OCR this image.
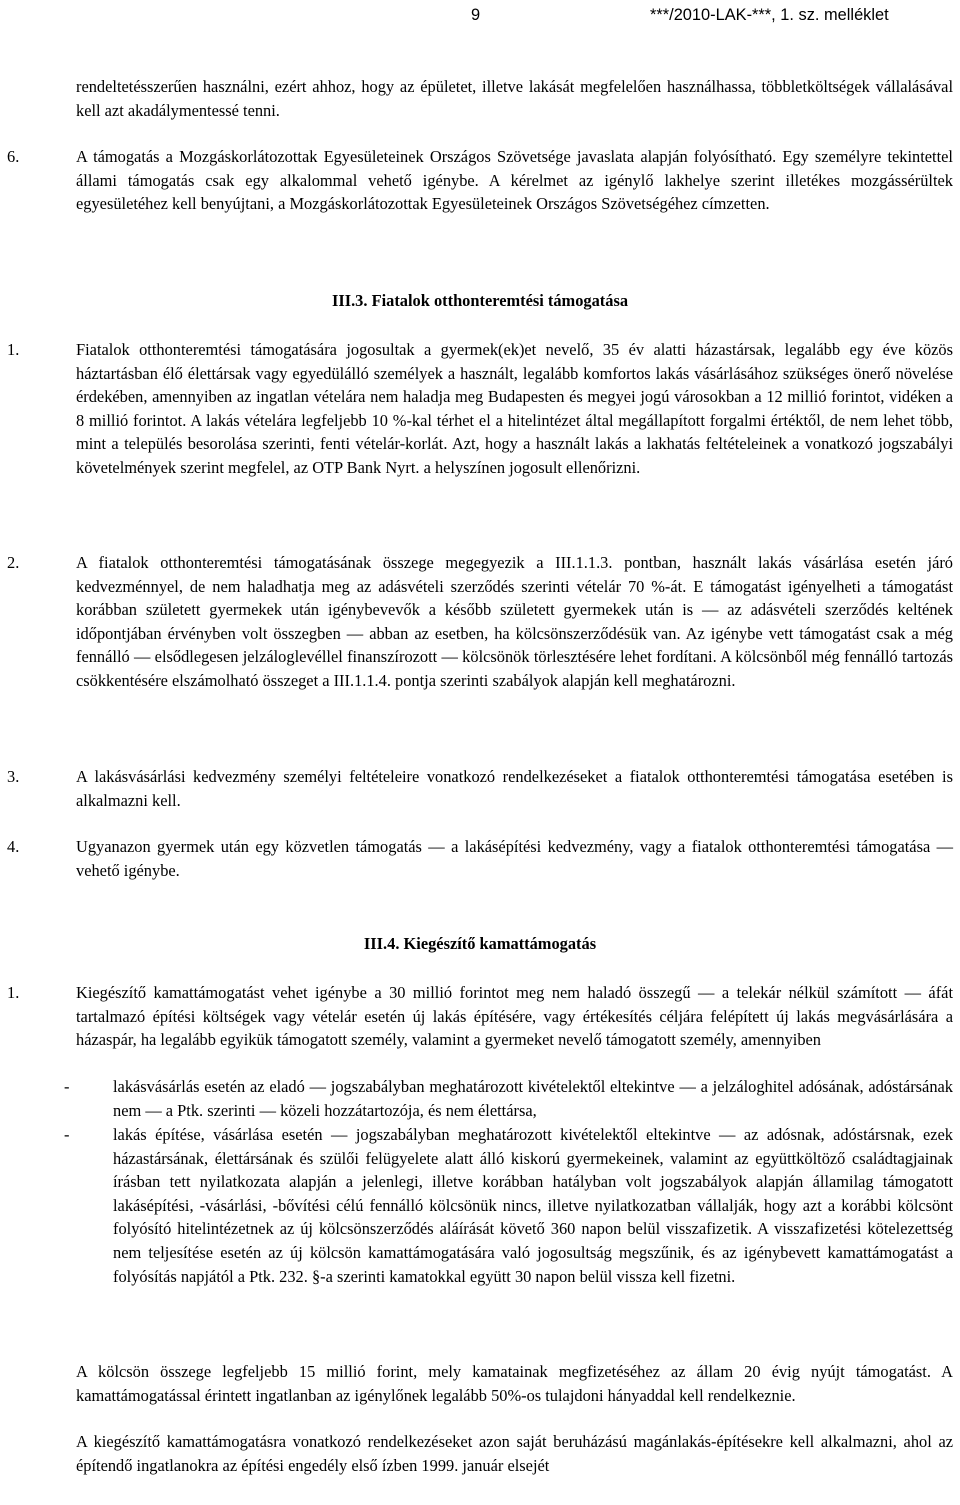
9	***/2010-LAK-***, 1. sz. melléklet
rendeltetésszerűen használni, ezért ahhoz, hogy az épületet, illetve lakását megfelelően használhassa, többletköltségek vállalásával kell azt akadálymentessé tenni.
6.	A támogatás a Mozgáskorlátozottak Egyesületeinek Országos Szövetsége javaslata alapján folyósítható. Egy személyre tekintettel állami támogatás csak egy alkalommal vehető igénybe. A kérelmet az igénylő lakhelye szerint illetékes mozgássérültek egyesületéhez kell benyújtani, a Mozgáskorlátozottak Egyesületeinek Országos Szövetségéhez címzetten.
III.3. Fiatalok otthonteremtési támogatása
1.	Fiatalok otthonteremtési támogatására jogosultak a gyermek(ek)et nevelő, 35 év alatti házastársak, legalább egy éve közös háztartásban élő élettársak vagy egyedülálló személyek a használt, legalább komfortos lakás vásárlásához szükséges önerő növelése érdekében, amennyiben az ingatlan vételára nem haladja meg Budapesten és megyei jogú városokban a 12 millió forintot, vidéken a 8 millió forintot. A lakás vételára legfeljebb 10 %-kal térhet el a hitelintézet által megállapított forgalmi értéktől, de nem lehet több, mint a település besorolása szerinti, fenti vételár-korlát. Azt, hogy a használt lakás a lakhatás feltételeinek a vonatkozó jogszabályi követelmények szerint megfelel, az OTP Bank Nyrt. a helyszínen jogosult ellenőrizni.
2.	A fiatalok otthonteremtési támogatásának összege megegyezik a III.1.1.3. pontban, használt lakás vásárlása esetén járó kedvezménnyel, de nem haladhatja meg az adásvételi szerződés szerinti vételár 70 %-át. E támogatást igényelheti a támogatást korábban született gyermekek után igénybevevők a később született gyermekek után is — az adásvételi szerződés keltének időpontjában érvényben volt összegben — abban az esetben, ha kölcsönszerződésük van. Az igénybe vett támogatást csak a még fennálló — elsődlegesen jelzáloglevéllel finanszírozott — kölcsönök törlesztésére lehet fordítani. A kölcsönből még fennálló tartozás csökkentésére elszámolható összeget a III.1.1.4. pontja szerinti szabályok alapján kell meghatározni.
3.	A lakásvásárlási kedvezmény személyi feltételeire vonatkozó rendelkezéseket a fiatalok otthonteremtési támogatása esetében is alkalmazni kell.
4.	Ugyanazon gyermek után egy közvetlen támogatás — a lakásépítési kedvezmény, vagy a fiatalok otthonteremtési támogatása — vehető igénybe.
III.4. Kiegészítő kamattámogatás
1.	Kiegészítő kamattámogatást vehet igénybe a 30 millió forintot meg nem haladó összegű — a telekár nélkül számított — áfát tartalmazó építési költségek vagy vételár esetén új lakás építésére, vagy értékesítés céljára felépített új lakás megvásárlására a házaspár, ha legalább egyikük támogatott személy, valamint a gyermeket nevelő támogatott személy, amennyiben
-	lakásvásárlás esetén az eladó — jogszabályban meghatározott kivételektől eltekintve — a jelzáloghitel adósának, adóstársának nem — a Ptk. szerinti — közeli hozzátartozója, és nem élettársa,
-	lakás építése, vásárlása esetén — jogszabályban meghatározott kivételektől eltekintve — az adósnak, adóstársnak, ezek házastársának, élettársának és szülői felügyelete alatt álló kiskorú gyermekeinek, valamint az együttköltöző családtagjainak írásban tett nyilatkozata alapján a jelenlegi, illetve korábban hatályban volt jogszabályok alapján államilag támogatott lakásépítési, -vásárlási, -bővítési célú fennálló kölcsönük nincs, illetve nyilatkozatban vállalják, hogy azt a korábbi kölcsönt folyósító hitelintézetnek az új kölcsönszerződés aláírását követő 360 napon belül visszafizetik. A visszafizetési kötelezettség nem teljesítése esetén az új kölcsön kamattámogatására való jogosultság megszűnik, és az igénybevett kamattámogatást a folyósítás napjától a Ptk. 232. §-a szerinti kamatokkal együtt 30 napon belül vissza kell fizetni.
A kölcsön összege legfeljebb 15 millió forint, mely kamatainak megfizetéséhez az állam 20 évig nyújt támogatást. A kamattámogatással érintett ingatlanban az igénylőnek legalább 50%-os tulajdoni hányaddal kell rendelkeznie.
A kiegészítő kamattámogatásra vonatkozó rendelkezéseket azon saját beruházású magánlakás-építésekre kell alkalmazni, ahol az építendő ingatlanokra az építési engedély első ízben 1999. január elsejét
